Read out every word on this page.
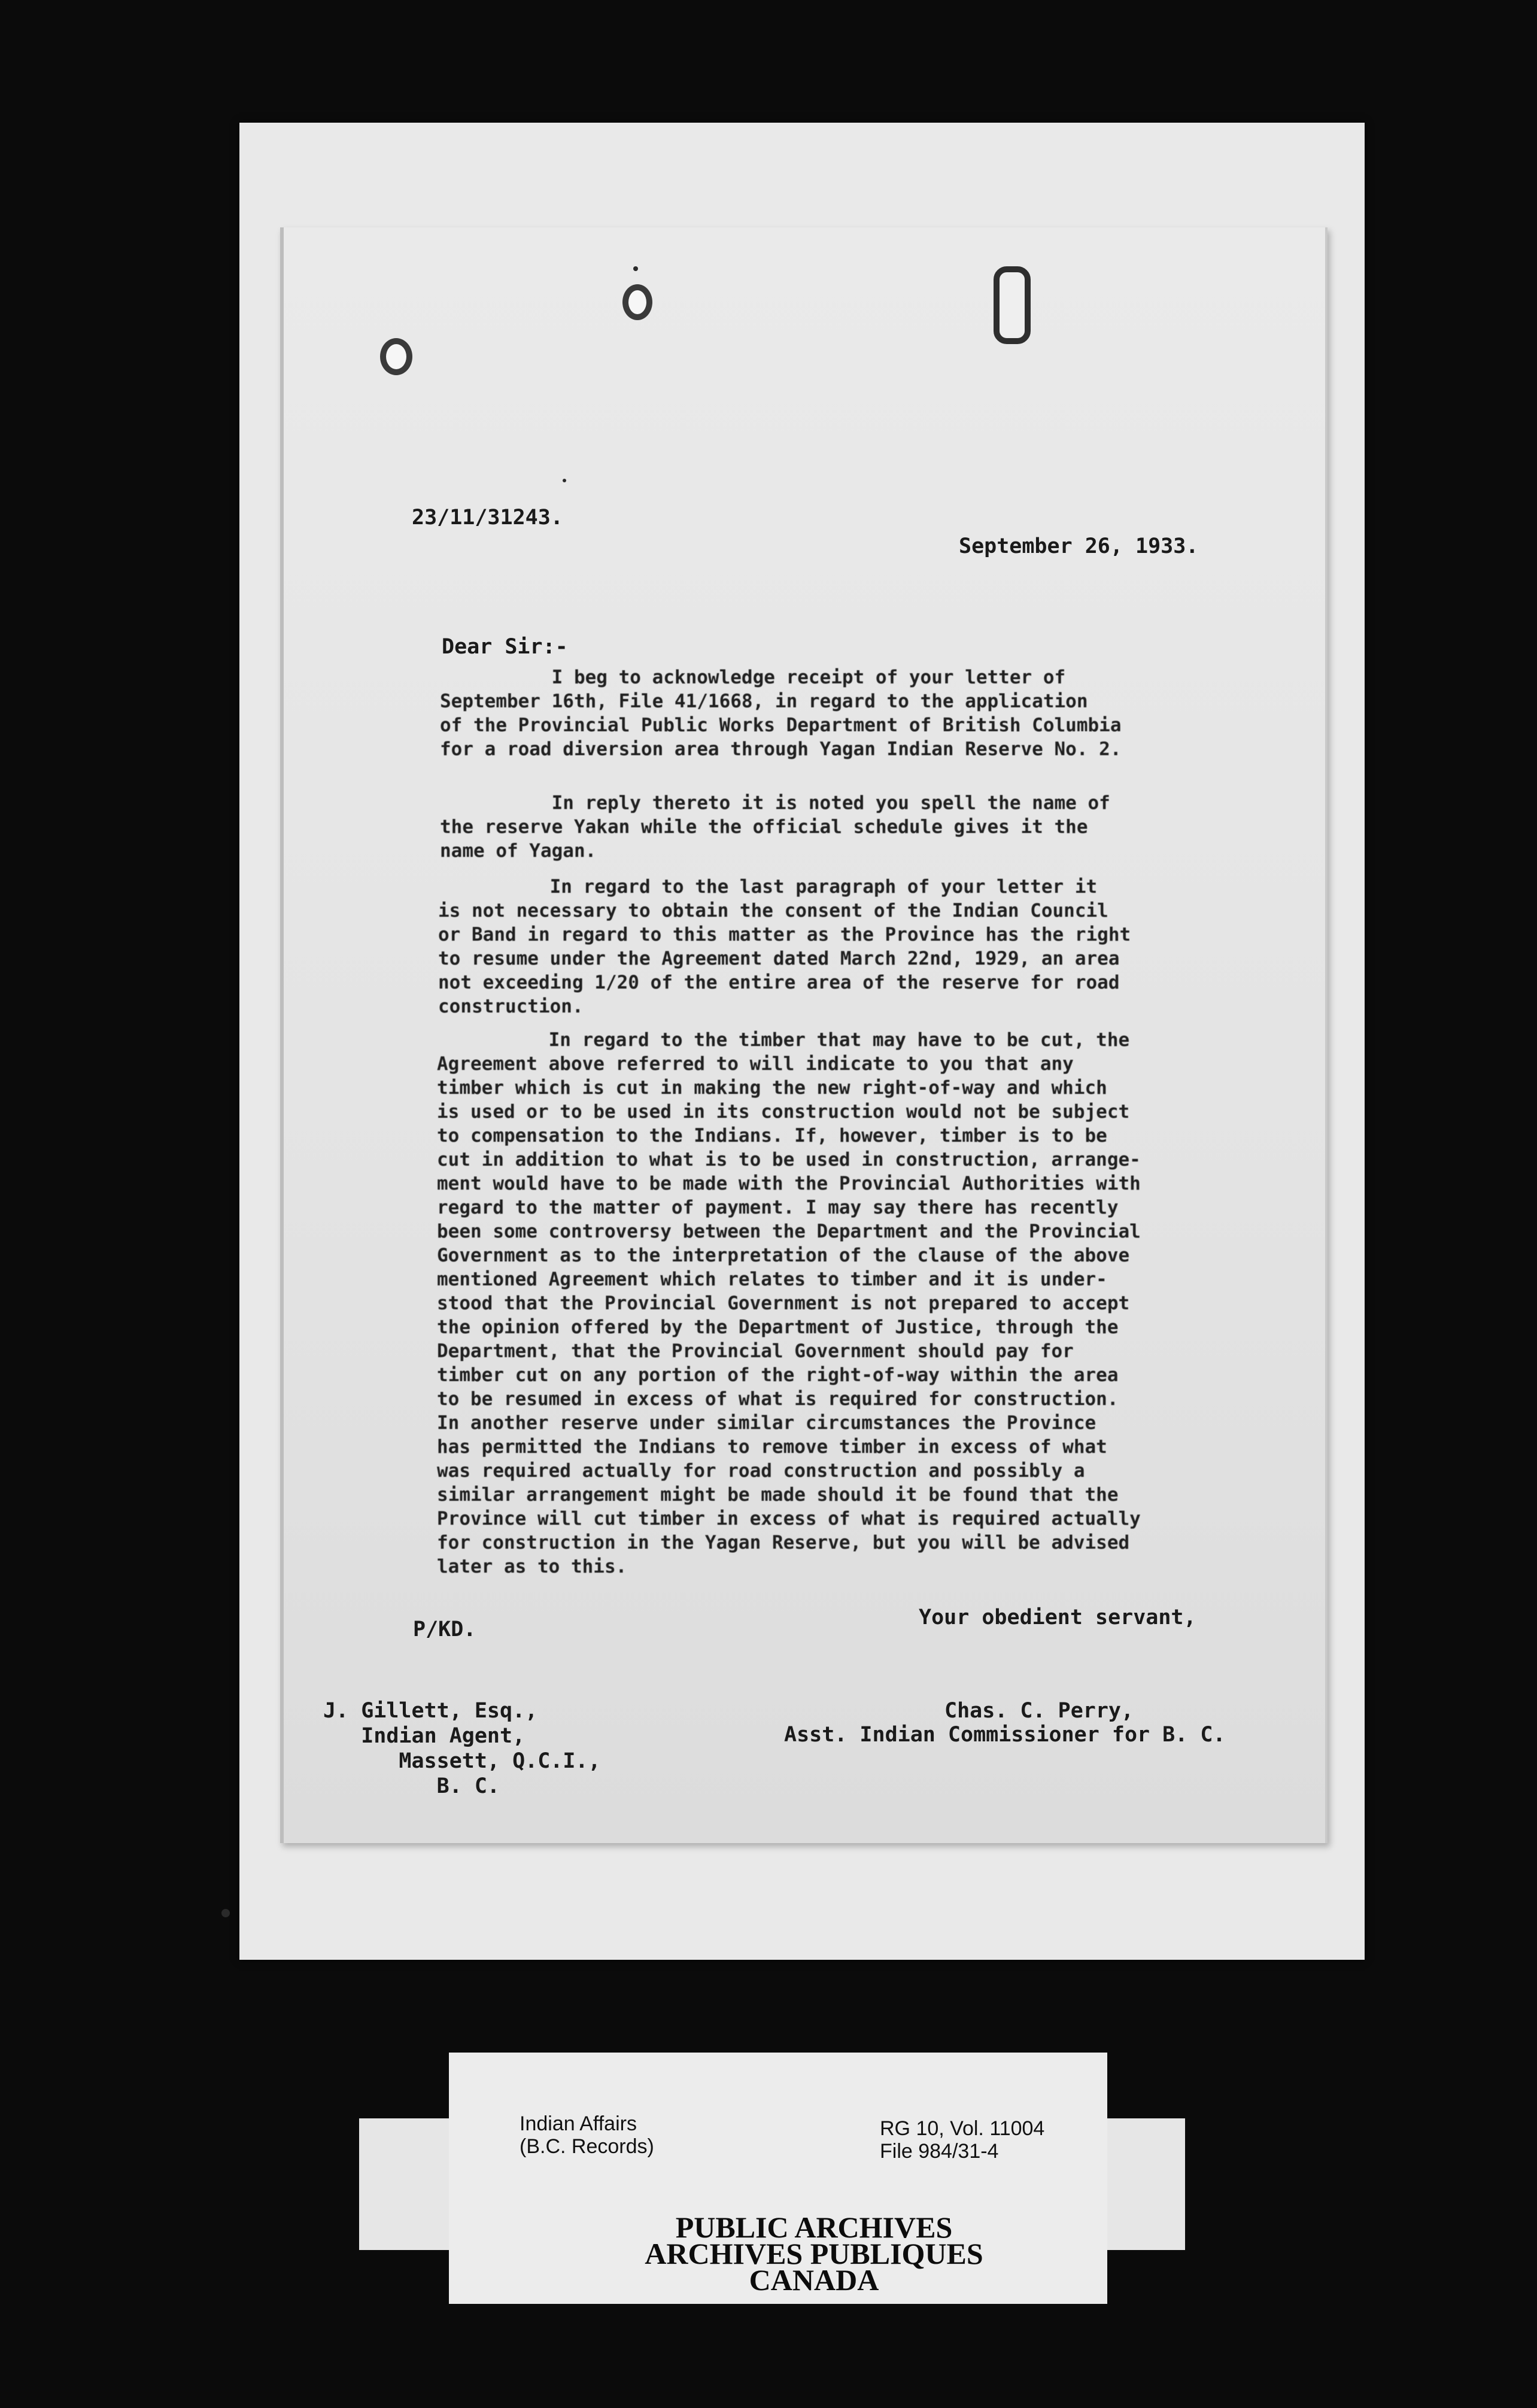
23/11/31243.
September 26, 1933.
Dear Sir:-
I beg to acknowledge receipt of your letter of
September 16th, File 41/1668, in regard to the application
of the Provincial Public Works Department of British Columbia
for a road diversion area through Yagan Indian Reserve No. 2.
In reply thereto it is noted you spell the name of
the reserve Yakan while the official schedule gives it the
name of Yagan.
In regard to the last paragraph of your letter it
is not necessary to obtain the consent of the Indian Council
or Band in regard to this matter as the Province has the right
to resume under the Agreement dated March 22nd, 1929, an area
not exceeding 1/20 of the entire area of the reserve for road
construction.
In regard to the timber that may have to be cut, the
Agreement above referred to will indicate to you that any
timber which is cut in making the new right-of-way and which
is used or to be used in its construction would not be subject
to compensation to the Indians. If, however, timber is to be
cut in addition to what is to be used in construction, arrange-
ment would have to be made with the Provincial Authorities with
regard to the matter of payment. I may say there has recently
been some controversy between the Department and the Provincial
Government as to the interpretation of the clause of the above
mentioned Agreement which relates to timber and it is under-
stood that the Provincial Government is not prepared to accept
the opinion offered by the Department of Justice, through the
Department, that the Provincial Government should pay for
timber cut on any portion of the right-of-way within the area
to be resumed in excess of what is required for construction.
In another reserve under similar circumstances the Province
has permitted the Indians to remove timber in excess of what
was required actually for road construction and possibly a
similar arrangement might be made should it be found that the
Province will cut timber in excess of what is required actually
for construction in the Yagan Reserve, but you will be advised
later as to this.
P/KD.	Your obedient servant,
Chas. C. Perry,
Asst. Indian Commissioner for B. C.
J. Gillett, Esq.,
Indian Agent,
Massett, Q.C.I.,
B. C.
Indian Affairs
(B.C. Records)
RG 10, Vol. 11004
File 984/31-4
PUBLIC ARCHIVES
ARCHIVES PUBLIQUES
CANADA
